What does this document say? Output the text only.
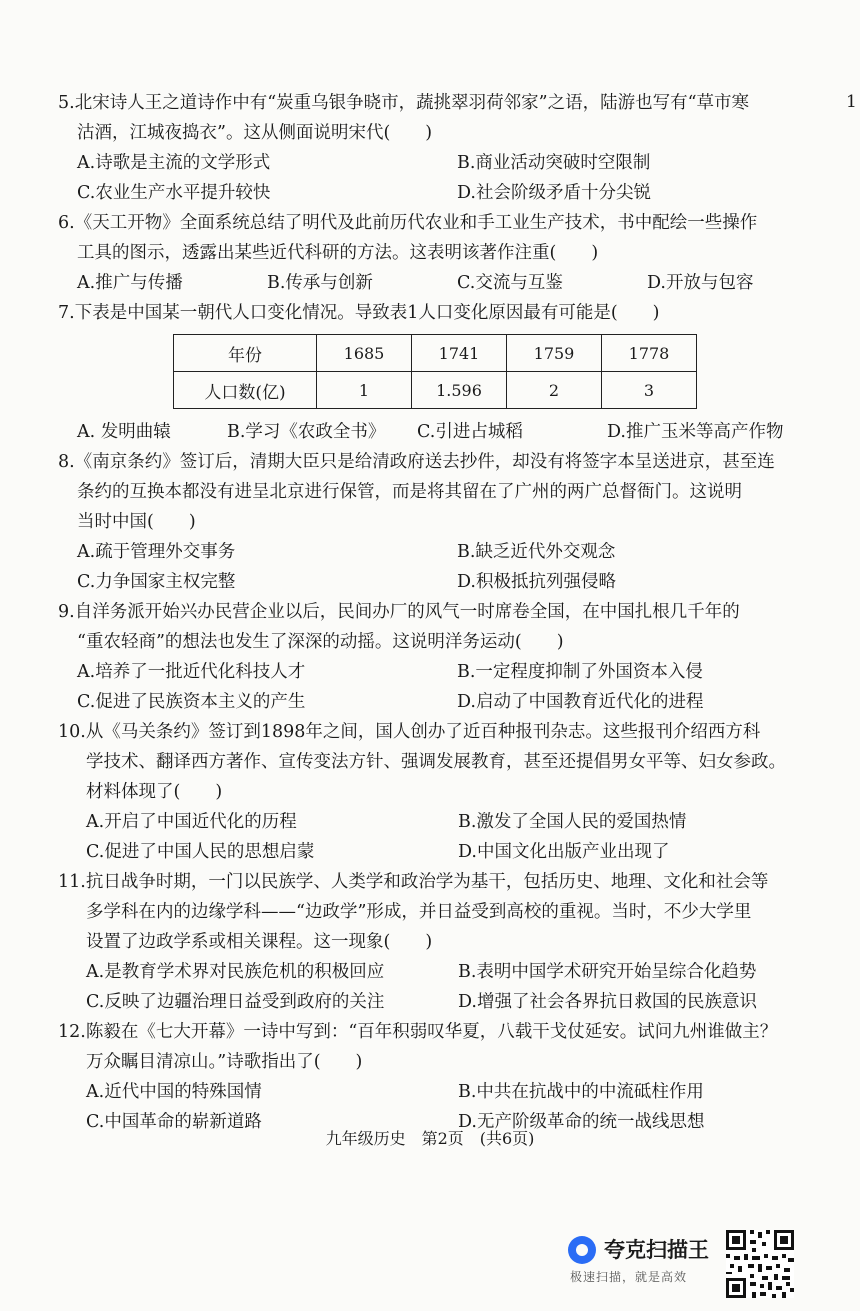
1

5.北宋诗人王之道诗作中有“炭重乌银争晓市，蔬挑翠羽荷邻家”之语，陆游也写有“草市寒
沽酒，江城夜捣衣”。这从侧面说明宋代(　　)

A.诗歌是主流的文学形式	B.商业活动突破时空限制
C.农业生产水平提升较快	D.社会阶级矛盾十分尖锐

6.《天工开物》全面系统总结了明代及此前历代农业和手工业生产技术，书中配绘一些操作
工具的图示，透露出某些近代科研的方法。这表明该著作注重(　　)

A.推广与传播	B.传承与创新	C.交流与互鉴	D.开放与包容

7.下表是中国某一朝代人口变化情况。导致表1人口变化原因最有可能是(　　)

年份	1685	1741	1759	1778
人口数(亿)	1	1.596	2	3
A. 发明曲辕	B.学习《农政全书》	C.引进占城稻	D.推广玉米等高产作物

8.《南京条约》签订后，清期大臣只是给清政府送去抄件，却没有将签字本呈送进京，甚至连
条约的互换本都没有进呈北京进行保管，而是将其留在了广州的两广总督衙门。这说明
当时中国(　　)

A.疏于管理外交事务	B.缺乏近代外交观念
C.力争国家主权完整	D.积极抵抗列强侵略

9.自洋务派开始兴办民营企业以后，民间办厂的风气一时席卷全国，在中国扎根几千年的
“重农轻商”的想法也发生了深深的动摇。这说明洋务运动(　　)

A.培养了一批近代化科技人才	B.一定程度抑制了外国资本入侵
C.促进了民族资本主义的产生	D.启动了中国教育近代化的进程

10.从《马关条约》签订到1898年之间，国人创办了近百种报刊杂志。这些报刊介绍西方科
学技术、翻译西方著作、宣传变法方针、强调发展教育，甚至还提倡男女平等、妇女参政。
材料体现了(　　)

A.开启了中国近代化的历程	B.激发了全国人民的爱国热情
C.促进了中国人民的思想启蒙	D.中国文化出版产业出现了

11.抗日战争时期，一门以民族学、人类学和政治学为基干，包括历史、地理、文化和社会等
多学科在内的边缘学科——“边政学”形成，并日益受到高校的重视。当时，不少大学里
设置了边政学系或相关课程。这一现象(　　)

A.是教育学术界对民族危机的积极回应	B.表明中国学术研究开始呈综合化趋势
C.反映了边疆治理日益受到政府的关注	D.增强了社会各界抗日救国的民族意识

12.陈毅在《七大开幕》一诗中写到：“百年积弱叹华夏，八载干戈仗延安。试问九州谁做主？
万众瞩目清凉山。”诗歌指出了(　　)

A.近代中国的特殊国情	B.中共在抗战中的中流砥柱作用
C.中国革命的崭新道路	D.无产阶级革命的统一战线思想
九年级历史　第2页　(共6页)
夸克扫描王
极速扫描，就是高效
